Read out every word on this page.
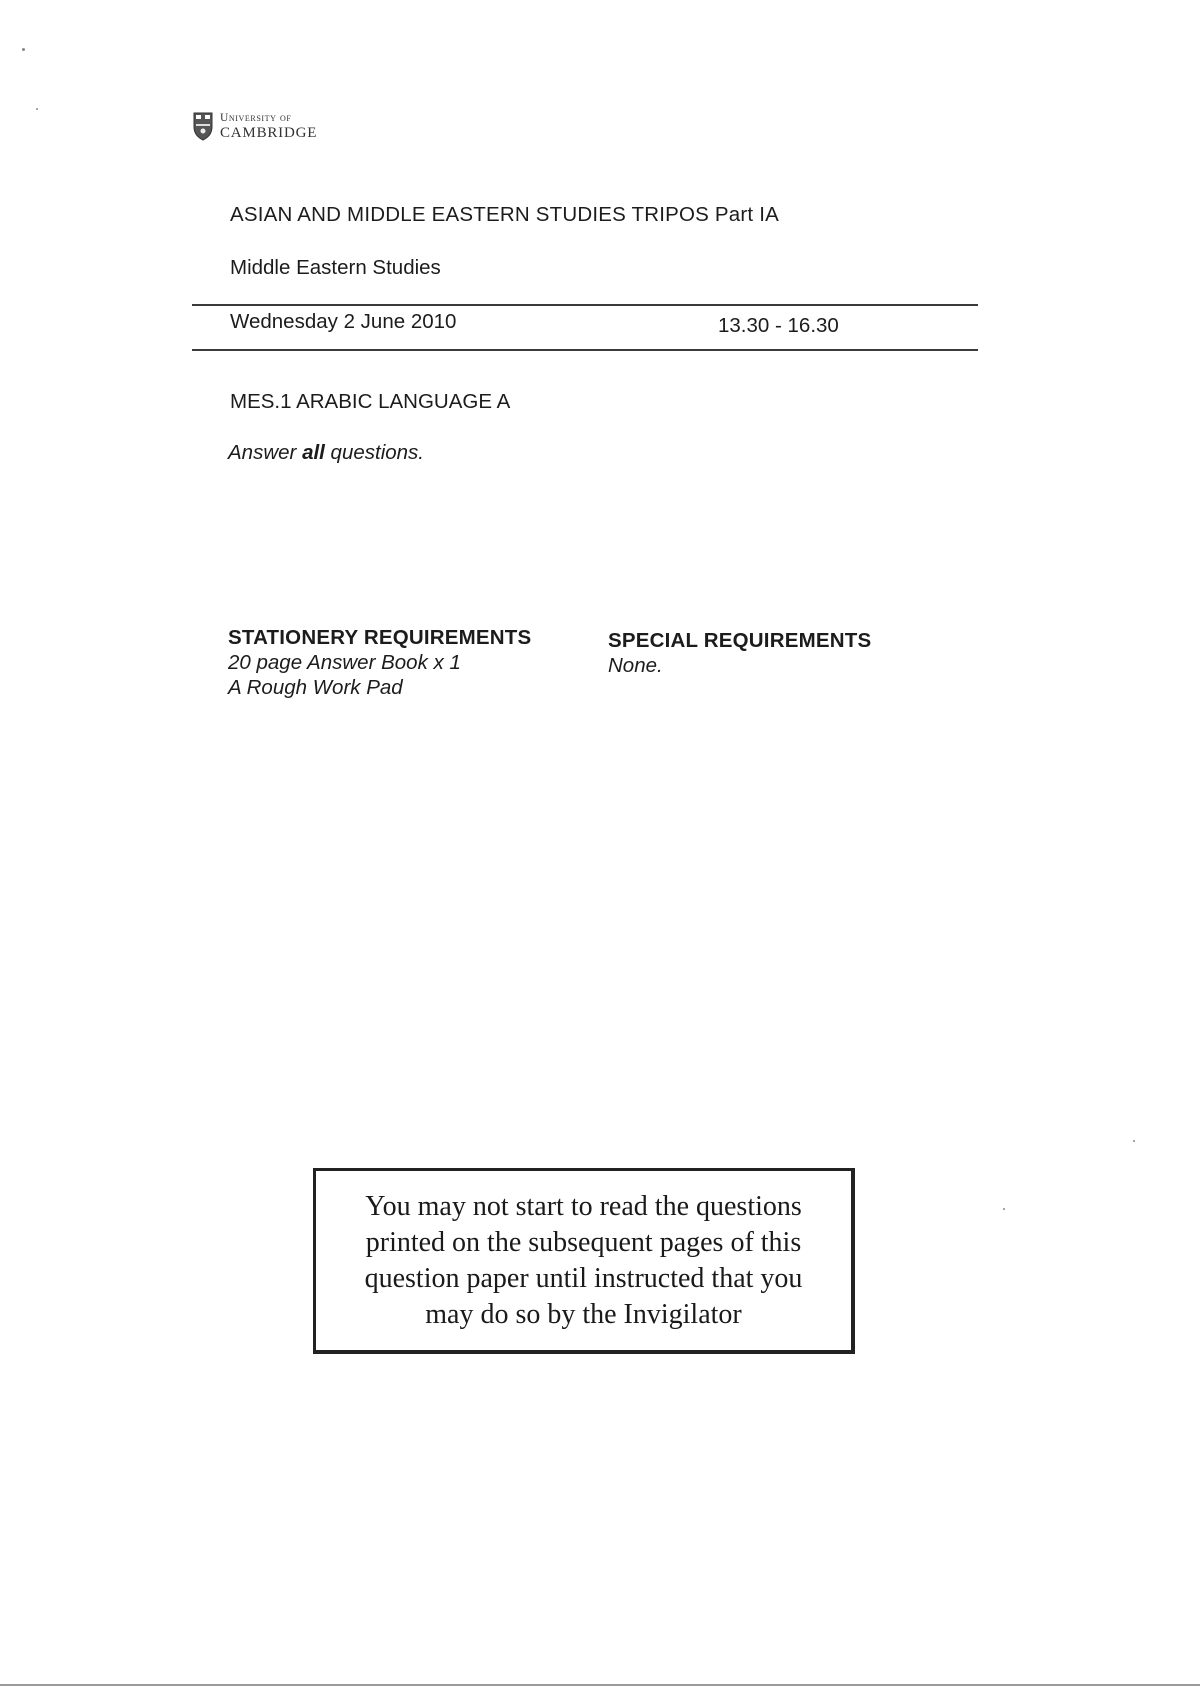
University of
CAMBRIDGE
ASIAN AND MIDDLE EASTERN STUDIES TRIPOS Part IA
Middle Eastern Studies
Wednesday 2 June 2010	13.30 - 16.30
MES.1 ARABIC LANGUAGE A
Answer all questions.
STATIONERY REQUIREMENTS
20 page Answer Book x 1
A Rough Work Pad
SPECIAL REQUIREMENTS
None.
You may not start to read the questions printed on the subsequent pages of this question paper until instructed that you may do so by the Invigilator
